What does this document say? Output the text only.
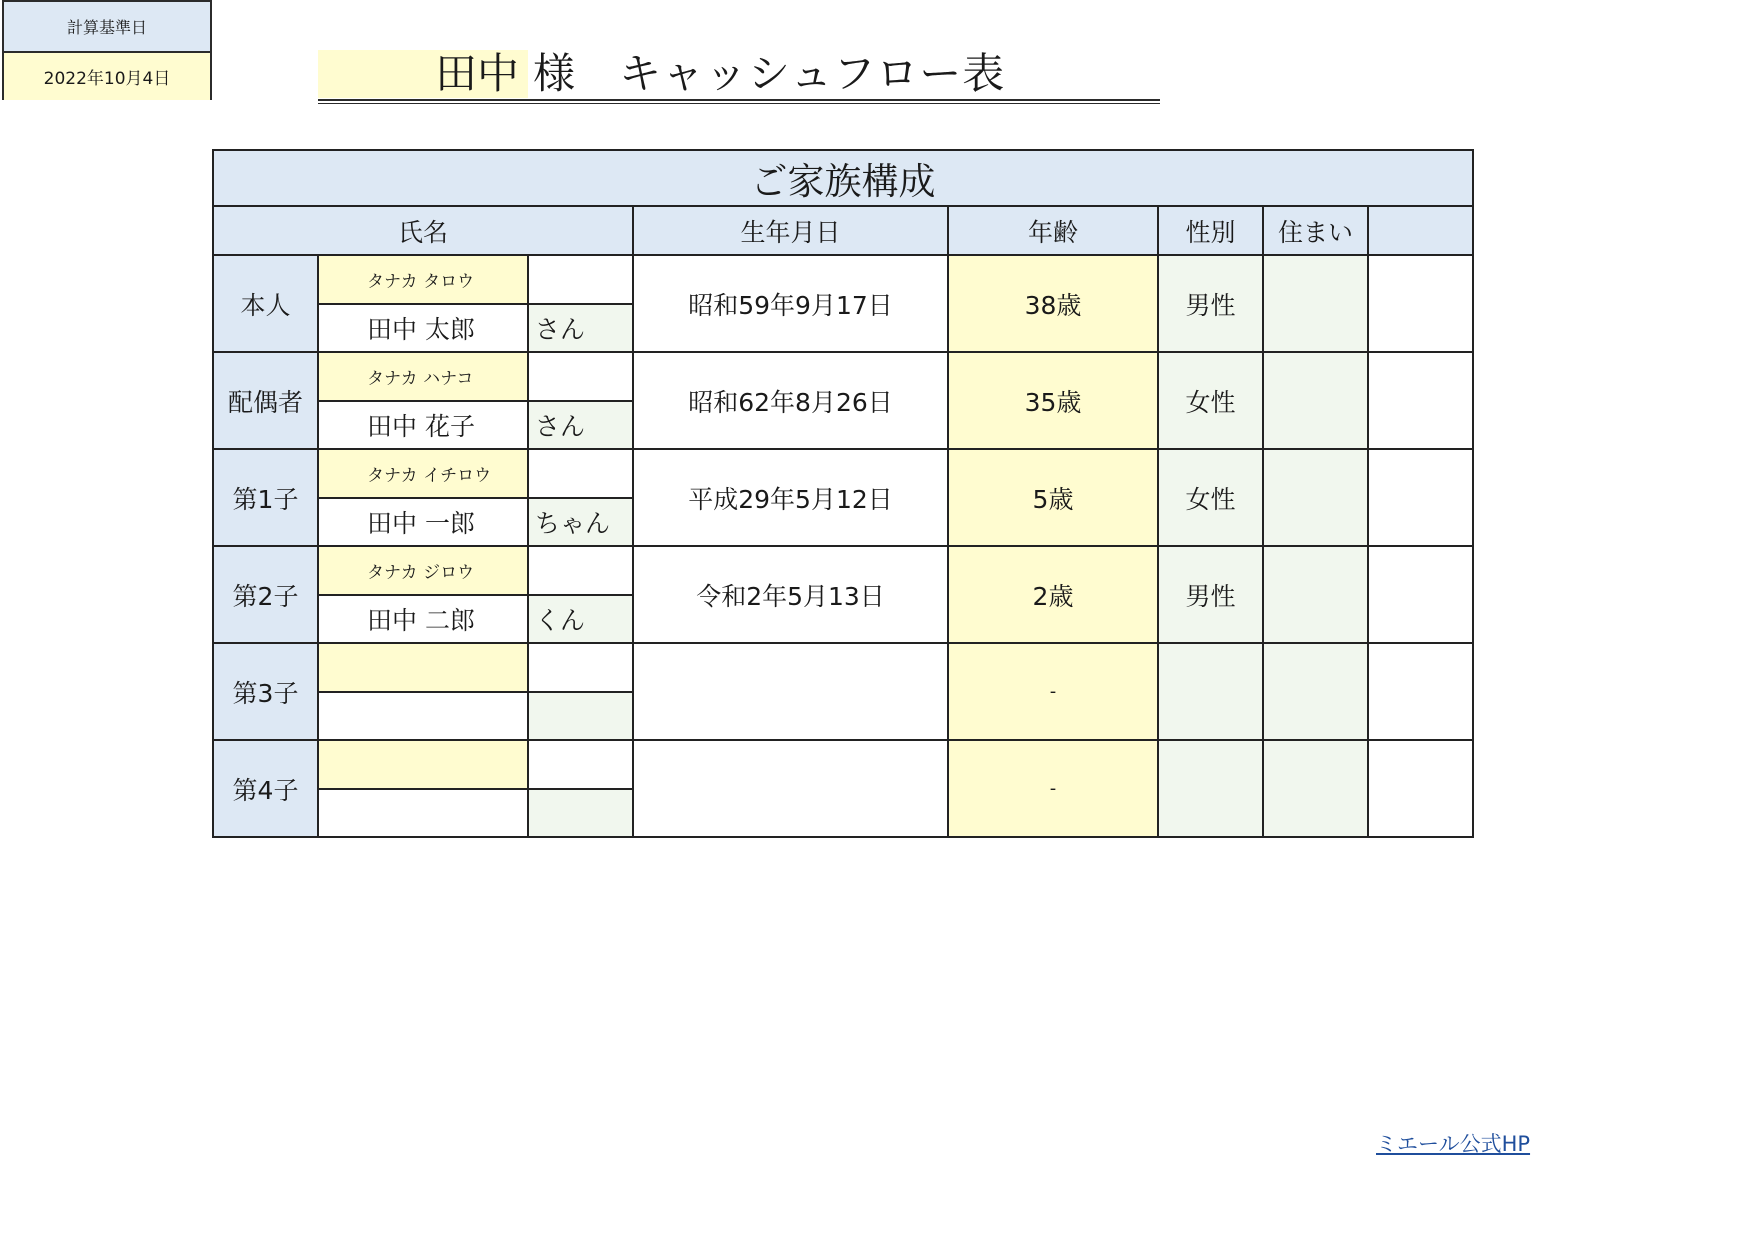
計算基準日
2022年10月4日	田中 様 キャッシュフロー表
ご家族構成							
氏名			生年月日	年齢	性別	住まい	
本人	タナカ タロウ		昭和59年9月17日	38歳	男性		
	田中 太郎	さん					
配偶者	タナカ ハナコ		昭和62年8月26日	35歳	女性		
	田中 花子	さん					
第1子	タナカ イチロウ		平成29年5月12日	5歳	女性		
	田中 一郎	ちゃん					
第2子	タナカ ジロウ		令和2年5月13日	2歳	男性		
	田中 二郎	くん					
第3子				-			

第4子				-			

ミエール公式HP
